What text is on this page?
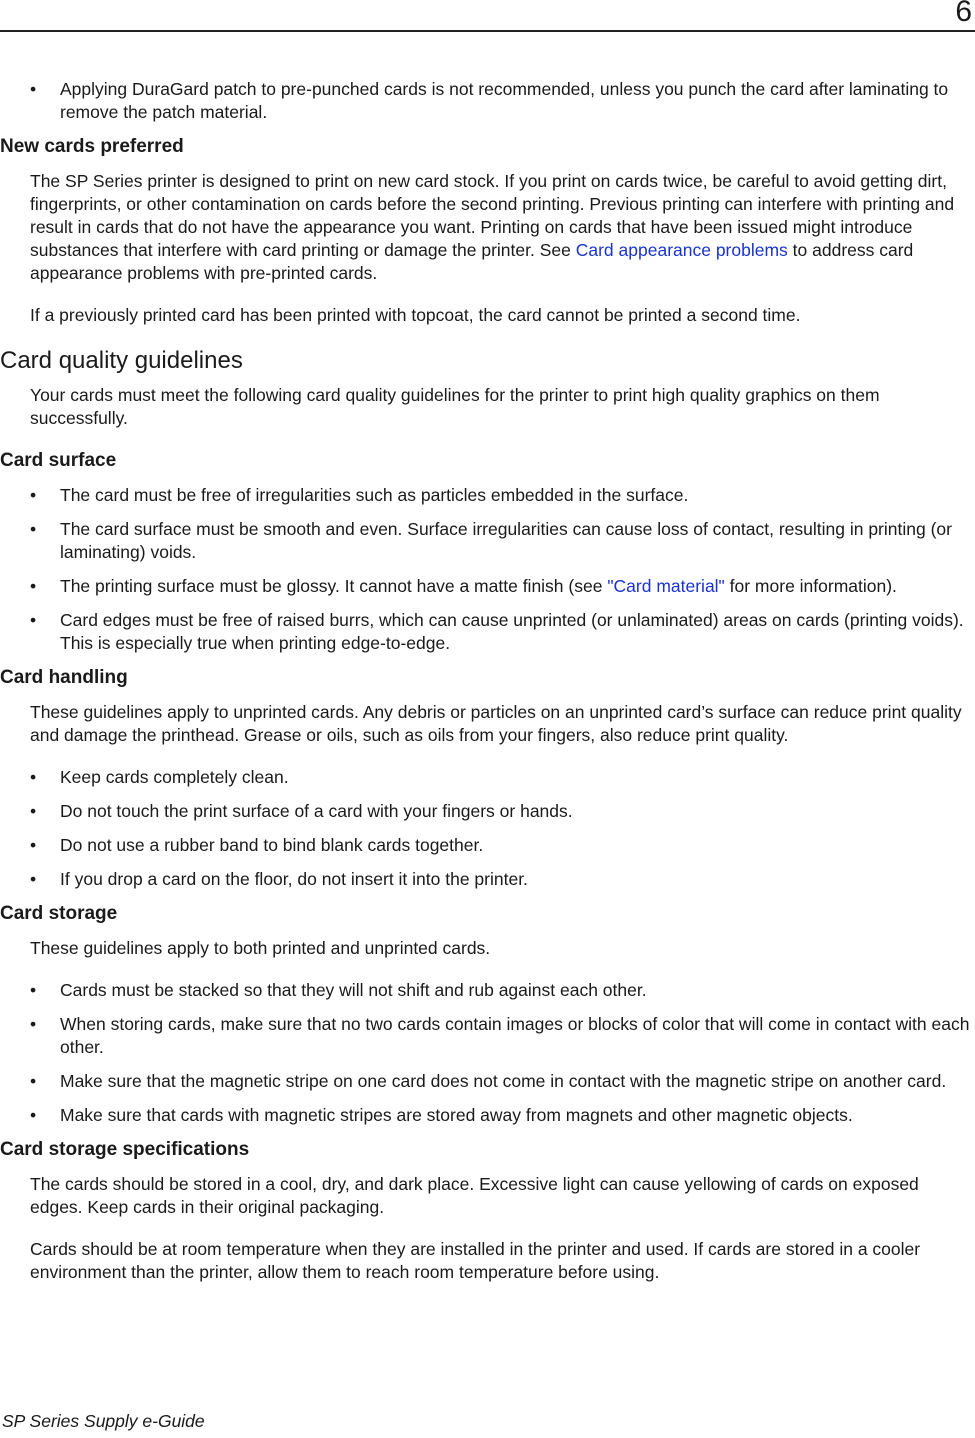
6
• Applying DuraGard patch to pre-punched cards is not recommended, unless you punch the card after laminating to remove the patch material.
New cards preferred

The SP Series printer is designed to print on new card stock. If you print on cards twice, be careful to avoid getting dirt, fingerprints, or other contamination on cards before the second printing. Previous printing can interfere with printing and result in cards that do not have the appearance you want. Printing on cards that have been issued might introduce substances that interfere with card printing or damage the printer. See Card appearance problems to address card appearance problems with pre-printed cards.

If a previously printed card has been printed with topcoat, the card cannot be printed a second time.

Card quality guidelines

Your cards must meet the following card quality guidelines for the printer to print high quality graphics on them successfully.

Card surface
• The card must be free of irregularities such as particles embedded in the surface.
• The card surface must be smooth and even. Surface irregularities can cause loss of contact, resulting in printing (or laminating) voids.
• The printing surface must be glossy. It cannot have a matte finish (see "Card material" for more information).
• Card edges must be free of raised burrs, which can cause unprinted (or unlaminated) areas on cards (printing voids). This is especially true when printing edge-to-edge.
Card handling

These guidelines apply to unprinted cards. Any debris or particles on an unprinted card’s surface can reduce print quality and damage the printhead. Grease or oils, such as oils from your fingers, also reduce print quality.

• Keep cards completely clean.
• Do not touch the print surface of a card with your fingers or hands.
• Do not use a rubber band to bind blank cards together.
• If you drop a card on the floor, do not insert it into the printer.
Card storage

These guidelines apply to both printed and unprinted cards.

• Cards must be stacked so that they will not shift and rub against each other.
• When storing cards, make sure that no two cards contain images or blocks of color that will come in contact with each other.
• Make sure that the magnetic stripe on one card does not come in contact with the magnetic stripe on another card.
• Make sure that cards with magnetic stripes are stored away from magnets and other magnetic objects.
Card storage specifications

The cards should be stored in a cool, dry, and dark place. Excessive light can cause yellowing of cards on exposed edges. Keep cards in their original packaging.

Cards should be at room temperature when they are installed in the printer and used. If cards are stored in a cooler environment than the printer, allow them to reach room temperature before using.

SP Series Supply e-Guide
